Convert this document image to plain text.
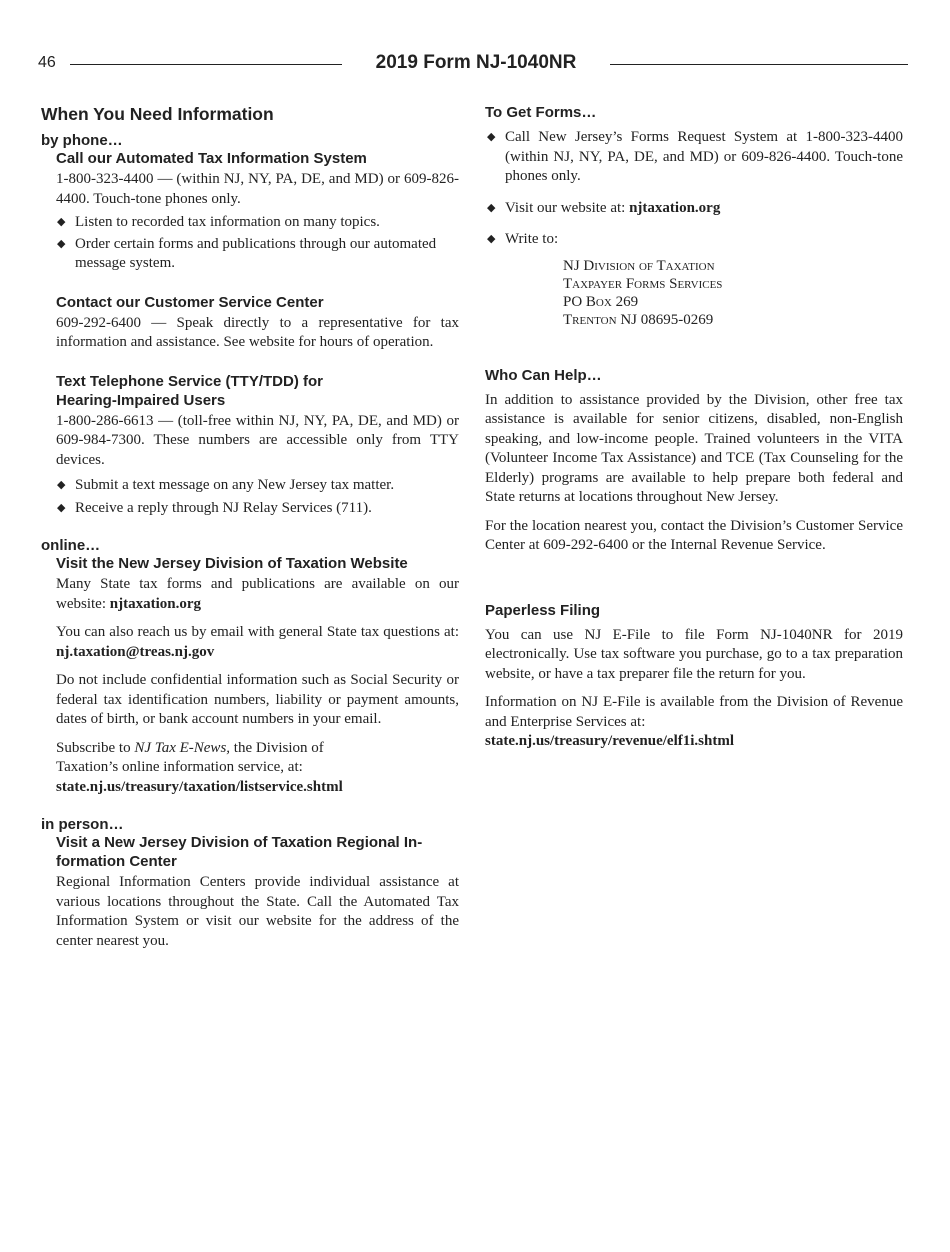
46	2019 Form NJ-1040NR
When You Need Information
by phone…
Call our Automated Tax Information System

1-800-323-4400 — (within NJ, NY, PA, DE, and MD) or 609-826-4400. Touch-tone phones only.

◆ Listen to recorded tax information on many topics.
◆ Order certain forms and publications through our automated message system.
Contact our Customer Service Center

609-292-6400 — Speak directly to a representative for tax information and assistance. See website for hours of operation.

Text Telephone Service (TTY/TDD) for
Hearing-Impaired Users

1-800-286-6613 — (toll-free within NJ, NY, PA, DE, and MD) or 609-984-7300. These numbers are accessible only from TTY devices.

◆ Submit a text message on any New Jersey tax matter.
◆ Receive a reply through NJ Relay Services (711).
online…
Visit the New Jersey Division of Taxation Website

Many State tax forms and publications are available on our website: njtaxation.org

You can also reach us by email with general State tax questions at: nj.taxation@treas.nj.gov

Do not include confidential information such as Social Security or federal tax identification numbers, liability or payment amounts, dates of birth, or bank account numbers in your email.

Subscribe to NJ Tax E-News, the Division of
Taxation’s online information service, at:
state.nj.us/treasury/taxation/listservice.shtml

in person…
Visit a New Jersey Division of Taxation Regional In-
formation Center

Regional Information Centers provide individual assistance at various locations throughout the State. Call the Automated Tax Information System or visit our website for the address of the center nearest you.

To Get Forms…
◆ Call New Jersey’s Forms Request System at 1-800-323-4400 (within NJ, NY, PA, DE, and MD) or 609-826-4400. Touch-tone phones only.
◆ Visit our website at: njtaxation.org
◆ Write to:
NJ Division of Taxation
Taxpayer Forms Services
PO Box 269
Trenton NJ 08695-0269
Who Can Help…

In addition to assistance provided by the Division, other free tax assistance is available for senior citizens, disabled, non-English speaking, and low-income people. Trained volunteers in the VITA (Volunteer Income Tax Assistance) and TCE (Tax Counseling for the Elderly) programs are available to help prepare both federal and State returns at locations throughout New Jersey.

For the location nearest you, contact the Division’s Customer Service Center at 609-292-6400 or the Internal Revenue Service.

Paperless Filing

You can use NJ E-File to file Form NJ-1040NR for 2019 electronically. Use tax software you purchase, go to a tax preparation website, or have a tax preparer file the return for you.

Information on NJ E-File is available from the Division of Revenue and Enterprise Services at:
state.nj.us/treasury/revenue/elf1i.shtml
